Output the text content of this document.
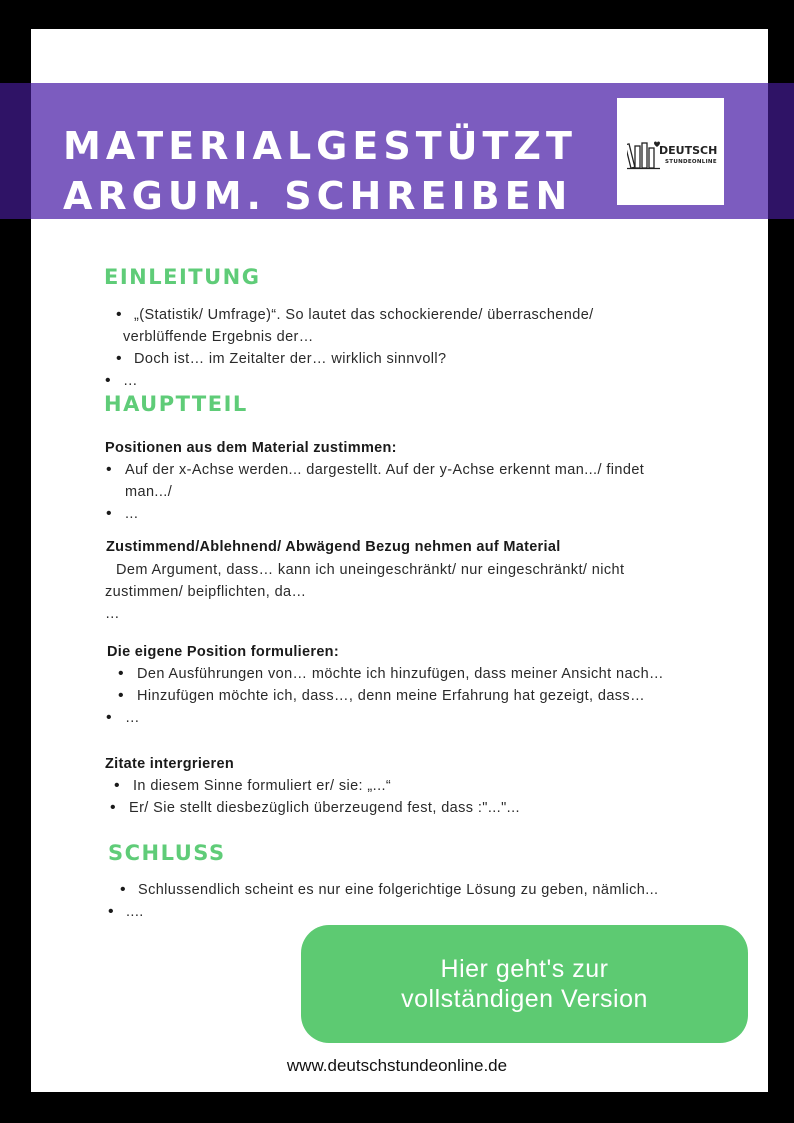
MATERIALGESTÜTZT
ARGUM. SCHREIBEN
DEUTSCH
STUNDEONLINE
EINLEITUNG
• „(Statistik/ Umfrage)“. So lautet das schockierende/ überraschende/ verblüffende Ergebnis der…
• Doch ist… im Zeitalter der… wirklich sinnvoll?
• …
HAUPTTEIL
Positionen aus dem Material zustimmen:
• Auf der x-Achse werden... dargestellt. Auf der y-Achse erkennt man.../ findet man.../
• ...
Zustimmend/Ablehnend/ Abwägend Bezug nehmen auf Material

Dem Argument, dass… kann ich uneingeschränkt/ nur eingeschränkt/ nicht zustimmen/ beipflichten, da…

…

Die eigene Position formulieren:
• Den Ausführungen von… möchte ich hinzufügen, dass meiner Ansicht nach…
• Hinzufügen möchte ich, dass…, denn meine Erfahrung hat gezeigt, dass…
• …
Zitate intergrieren
• In diesem Sinne formuliert er/ sie: „...“
• Er/ Sie stellt diesbezüglich überzeugend fest, dass :"..."...
SCHLUSS
• Schlussendlich scheint es nur eine folgerichtige Lösung zu geben, nämlich...
• ....
Hier geht's zur
vollständigen Version
www.deutschstundeonline.de
